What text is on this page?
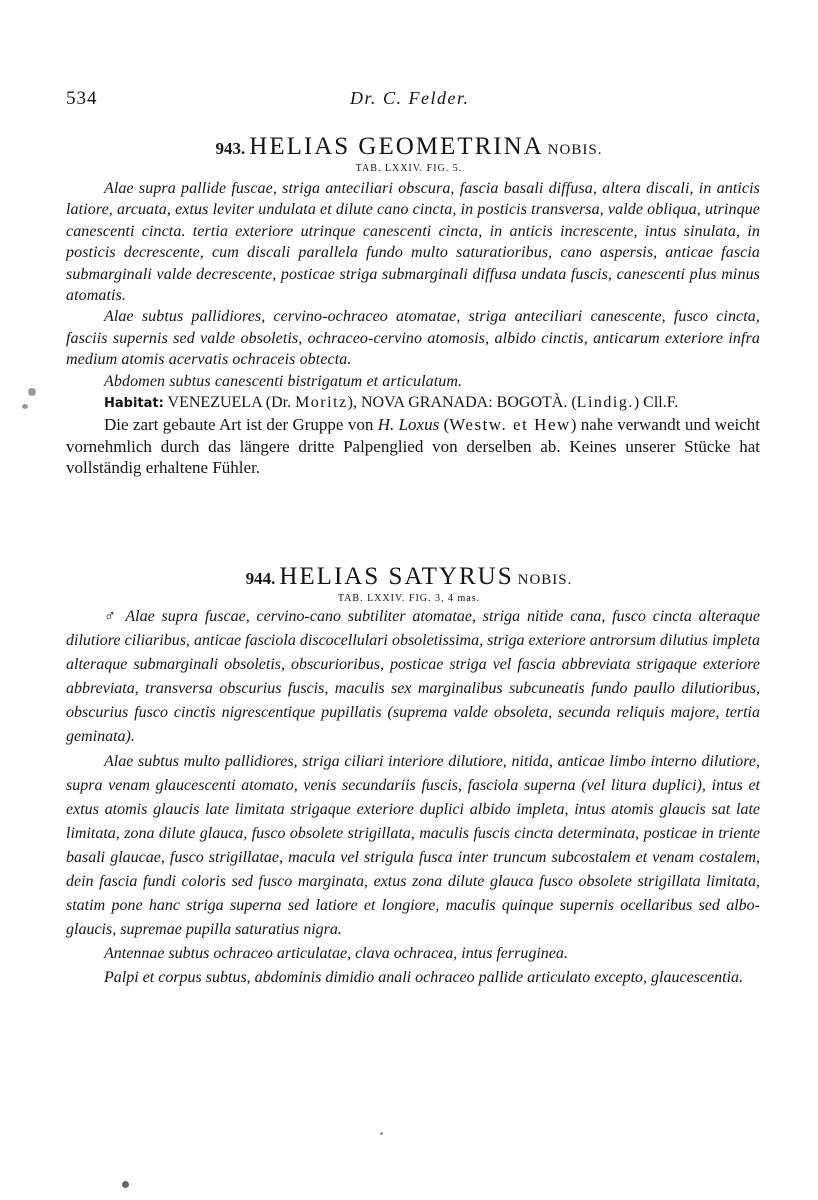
534	Dr. C. Felder.
943. HELIAS GEOMETRINA NOBIS.
TAB. LXXIV. FIG. 5.

Alae supra pallide fuscae, striga anteciliari obscura, fascia basali diffusa, altera discali, in anticis latiore, arcuata, extus leviter undulata et dilute cano cincta, in posticis transversa, valde obliqua, utrinque canescenti cincta. tertia exteriore utrinque canescenti cincta, in anticis increscente, intus sinulata, in posticis decrescente, cum discali parallela fundo multo saturatioribus, cano aspersis, anticae fascia submarginali valde decrescente, posticae striga submarginali diffusa undata fuscis, canescenti plus minus atomatis.

Alae subtus pallidiores, cervino-ochraceo atomatae, striga anteciliari canescente, fusco cincta, fasciis supernis sed valde obsoletis, ochraceo-cervino atomosis, albido cinctis, anticarum exteriore infra medium atomis acervatis ochraceis obtecta.

Abdomen subtus canescenti bistrigatum et articulatum.

Habitat: VENEZUELA (Dr. Moritz), NOVA GRANADA: BOGOTÀ. (Lindig.) Cll.F.

Die zart gebaute Art ist der Gruppe von H. Loxus (Westw. et Hew) nahe verwandt und weicht vornehmlich durch das längere dritte Palpenglied von derselben ab. Keines unserer Stücke hat vollständig erhaltene Fühler.

944. HELIAS SATYRUS NOBIS.
TAB. LXXIV. FIG. 3, 4 mas.

♂ Alae supra fuscae, cervino-cano subtiliter atomatae, striga nitide cana, fusco cincta alteraque dilutiore ciliaribus, anticae fasciola discocellulari obsoletissima, striga exteriore antrorsum dilutius impleta alteraque submarginali obsoletis, obscurioribus, posticae striga vel fascia abbreviata strigaque exteriore abbreviata, transversa obscurius fuscis, maculis sex marginalibus subcuneatis fundo paullo dilutioribus, obscurius fusco cinctis nigrescentique pupillatis (suprema valde obsoleta, secunda reliquis majore, tertia geminata).

Alae subtus multo pallidiores, striga ciliari interiore dilutiore, nitida, anticae limbo interno dilutiore, supra venam glaucescenti atomato, venis secundariis fuscis, fasciola superna (vel litura duplici), intus et extus atomis glaucis late limitata strigaque exteriore duplici albido impleta, intus atomis glaucis sat late limitata, zona dilute glauca, fusco obsolete strigillata, maculis fuscis cincta determinata, posticae in triente basali glaucae, fusco strigillatae, macula vel strigula fusca inter truncum subcostalem et venam costalem, dein fascia fundi coloris sed fusco marginata, extus zona dilute glauca fusco obsolete strigillata limitata, statim pone hanc striga superna sed latiore et longiore, maculis quinque supernis ocellaribus sed albo-glaucis, supremae pupilla saturatius nigra.

Antennae subtus ochraceo articulatae, clava ochracea, intus ferruginea.

Palpi et corpus subtus, abdominis dimidio anali ochraceo pallide articulato excepto, glaucescentia.
